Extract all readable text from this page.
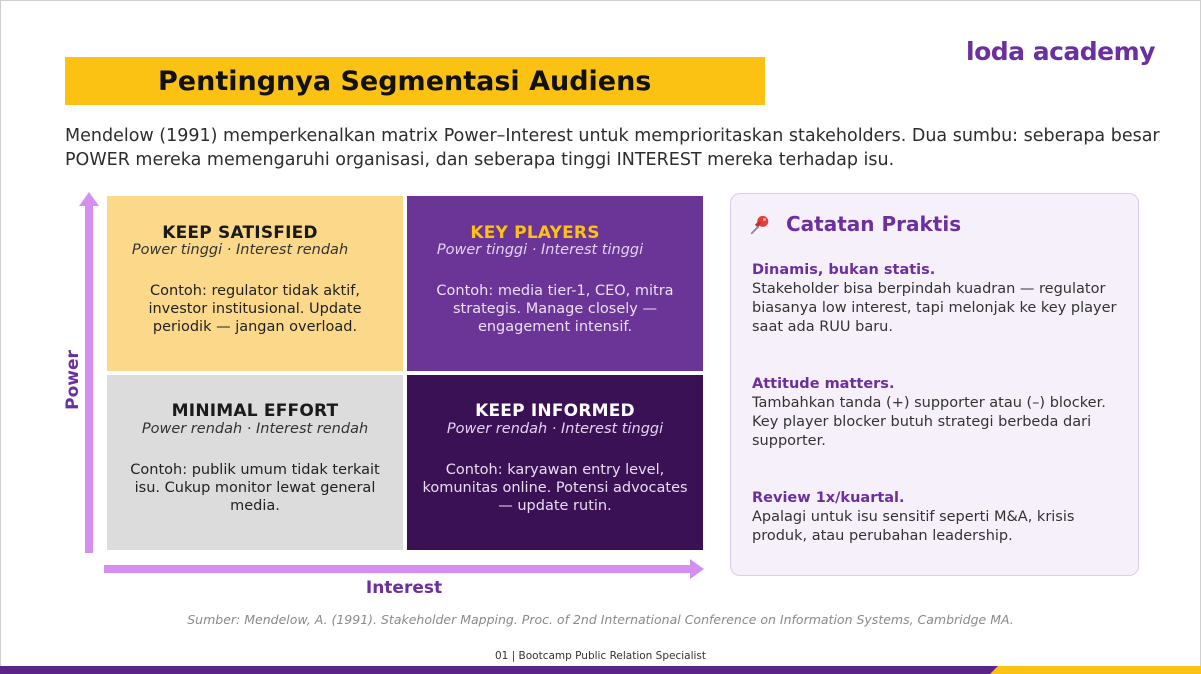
loda academy
Pentingnya Segmentasi Audiens

Mendelow (1991) memperkenalkan matrix Power–Interest untuk memprioritaskan stakeholders. Dua sumbu: seberapa besar POWER mereka memengaruhi organisasi, dan seberapa tinggi INTEREST mereka terhadap isu.

Power
KEEP SATISFIED
Power tinggi · Interest rendah
Contoh: regulator tidak aktif, investor institusional. Update periodik — jangan overload.
KEY PLAYERS
Power tinggi · Interest tinggi
Contoh: media tier-1, CEO, mitra strategis. Manage closely — engagement intensif.
MINIMAL EFFORT
Power rendah · Interest rendah
Contoh: publik umum tidak terkait isu. Cukup monitor lewat general media.
KEEP INFORMED
Power rendah · Interest tinggi
Contoh: karyawan entry level, komunitas online. Potensi advocates — update rutin.
Interest
Catatan Praktis
Dinamis, bukan statis.
Stakeholder bisa berpindah kuadran — regulator biasanya low interest, tapi melonjak ke key player saat ada RUU baru.
Attitude matters.
Tambahkan tanda (+) supporter atau (–) blocker. Key player blocker butuh strategi berbeda dari supporter.
Review 1x/kuartal.
Apalagi untuk isu sensitif seperti M&A, krisis produk, atau perubahan leadership.
Sumber: Mendelow, A. (1991). Stakeholder Mapping. Proc. of 2nd International Conference on Information Systems, Cambridge MA.
01 | Bootcamp Public Relation Specialist
